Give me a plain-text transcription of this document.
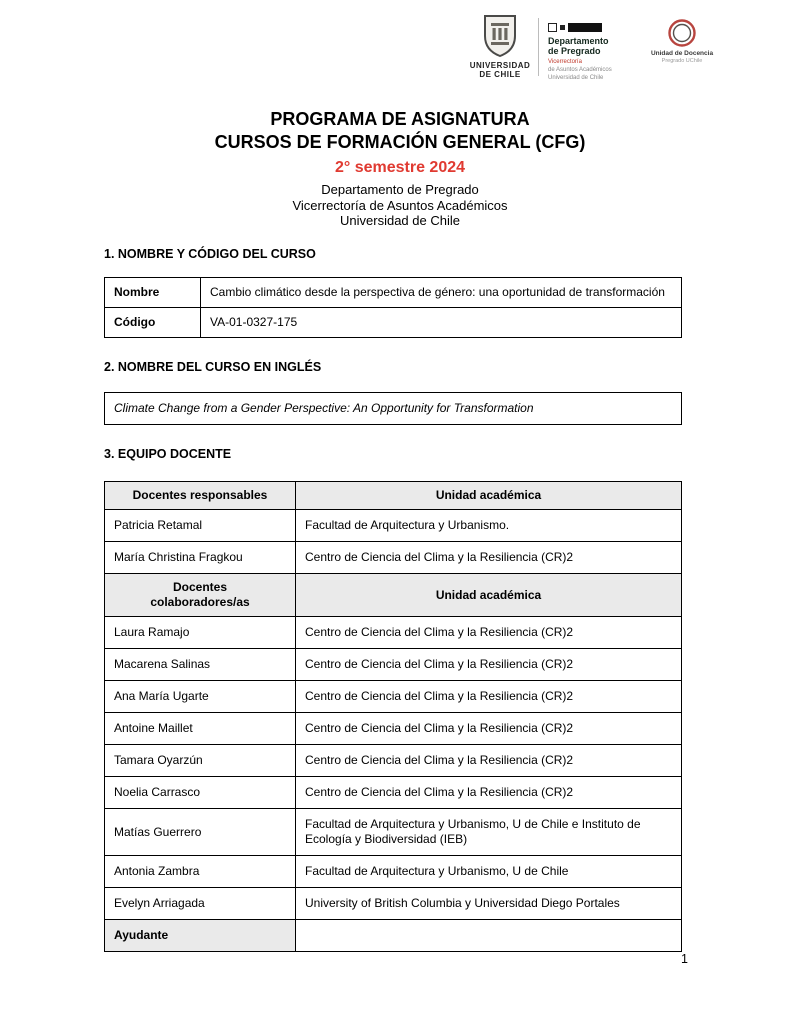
UNIVERSIDAD
DE CHILE
Departamento
de Pregrado
Vicerrectoría
de Asuntos Académicos
Universidad de Chile
Unidad de Docencia
Pregrado UChile
PROGRAMA DE ASIGNATURA
CURSOS DE FORMACIÓN GENERAL (CFG)
2° semestre 2024
Departamento de Pregrado
Vicerrectoría de Asuntos Académicos
Universidad de Chile
1. NOMBRE Y CÓDIGO DEL CURSO
Nombre	Cambio climático desde la perspectiva de género: una oportunidad de transformación
Código	VA-01-0327-175
2. NOMBRE DEL CURSO EN INGLÉS
Climate Change from a Gender Perspective: An Opportunity for Transformation
3. EQUIPO DOCENTE
Docentes responsables	Unidad académica
Patricia Retamal	Facultad de Arquitectura y Urbanismo.
María Christina Fragkou	Centro de Ciencia del Clima y la Resiliencia (CR)2
Docentes colaboradores/as	Unidad académica
Laura Ramajo	Centro de Ciencia del Clima y la Resiliencia (CR)2
Macarena Salinas	Centro de Ciencia del Clima y la Resiliencia (CR)2
Ana María Ugarte	Centro de Ciencia del Clima y la Resiliencia (CR)2
Antoine Maillet	Centro de Ciencia del Clima y la Resiliencia (CR)2
Tamara Oyarzún	Centro de Ciencia del Clima y la Resiliencia (CR)2
Noelia Carrasco	Centro de Ciencia del Clima y la Resiliencia (CR)2
Matías Guerrero	Facultad de Arquitectura y Urbanismo, U de Chile e Instituto de Ecología y Biodiversidad (IEB)
Antonia Zambra	Facultad de Arquitectura y Urbanismo, U de Chile
Evelyn Arriagada	University of British Columbia y Universidad Diego Portales
Ayudante	
1
